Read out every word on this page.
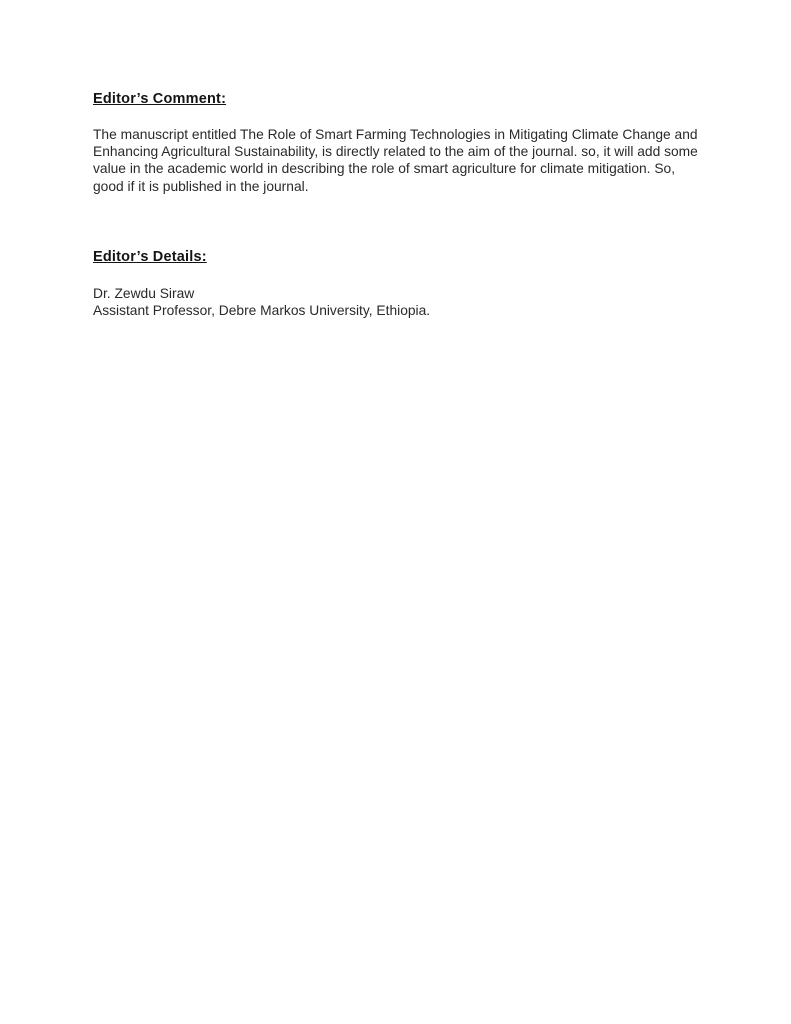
Editor’s Comment:

The manuscript entitled The Role of Smart Farming Technologies in Mitigating Climate Change and Enhancing Agricultural Sustainability, is directly related to the aim of the journal. so, it will add some value in the academic world in describing the role of smart agriculture for climate mitigation. So, good if it is published in the journal.

Editor’s Details:

Dr. Zewdu Siraw

Assistant Professor, Debre Markos University, Ethiopia.
